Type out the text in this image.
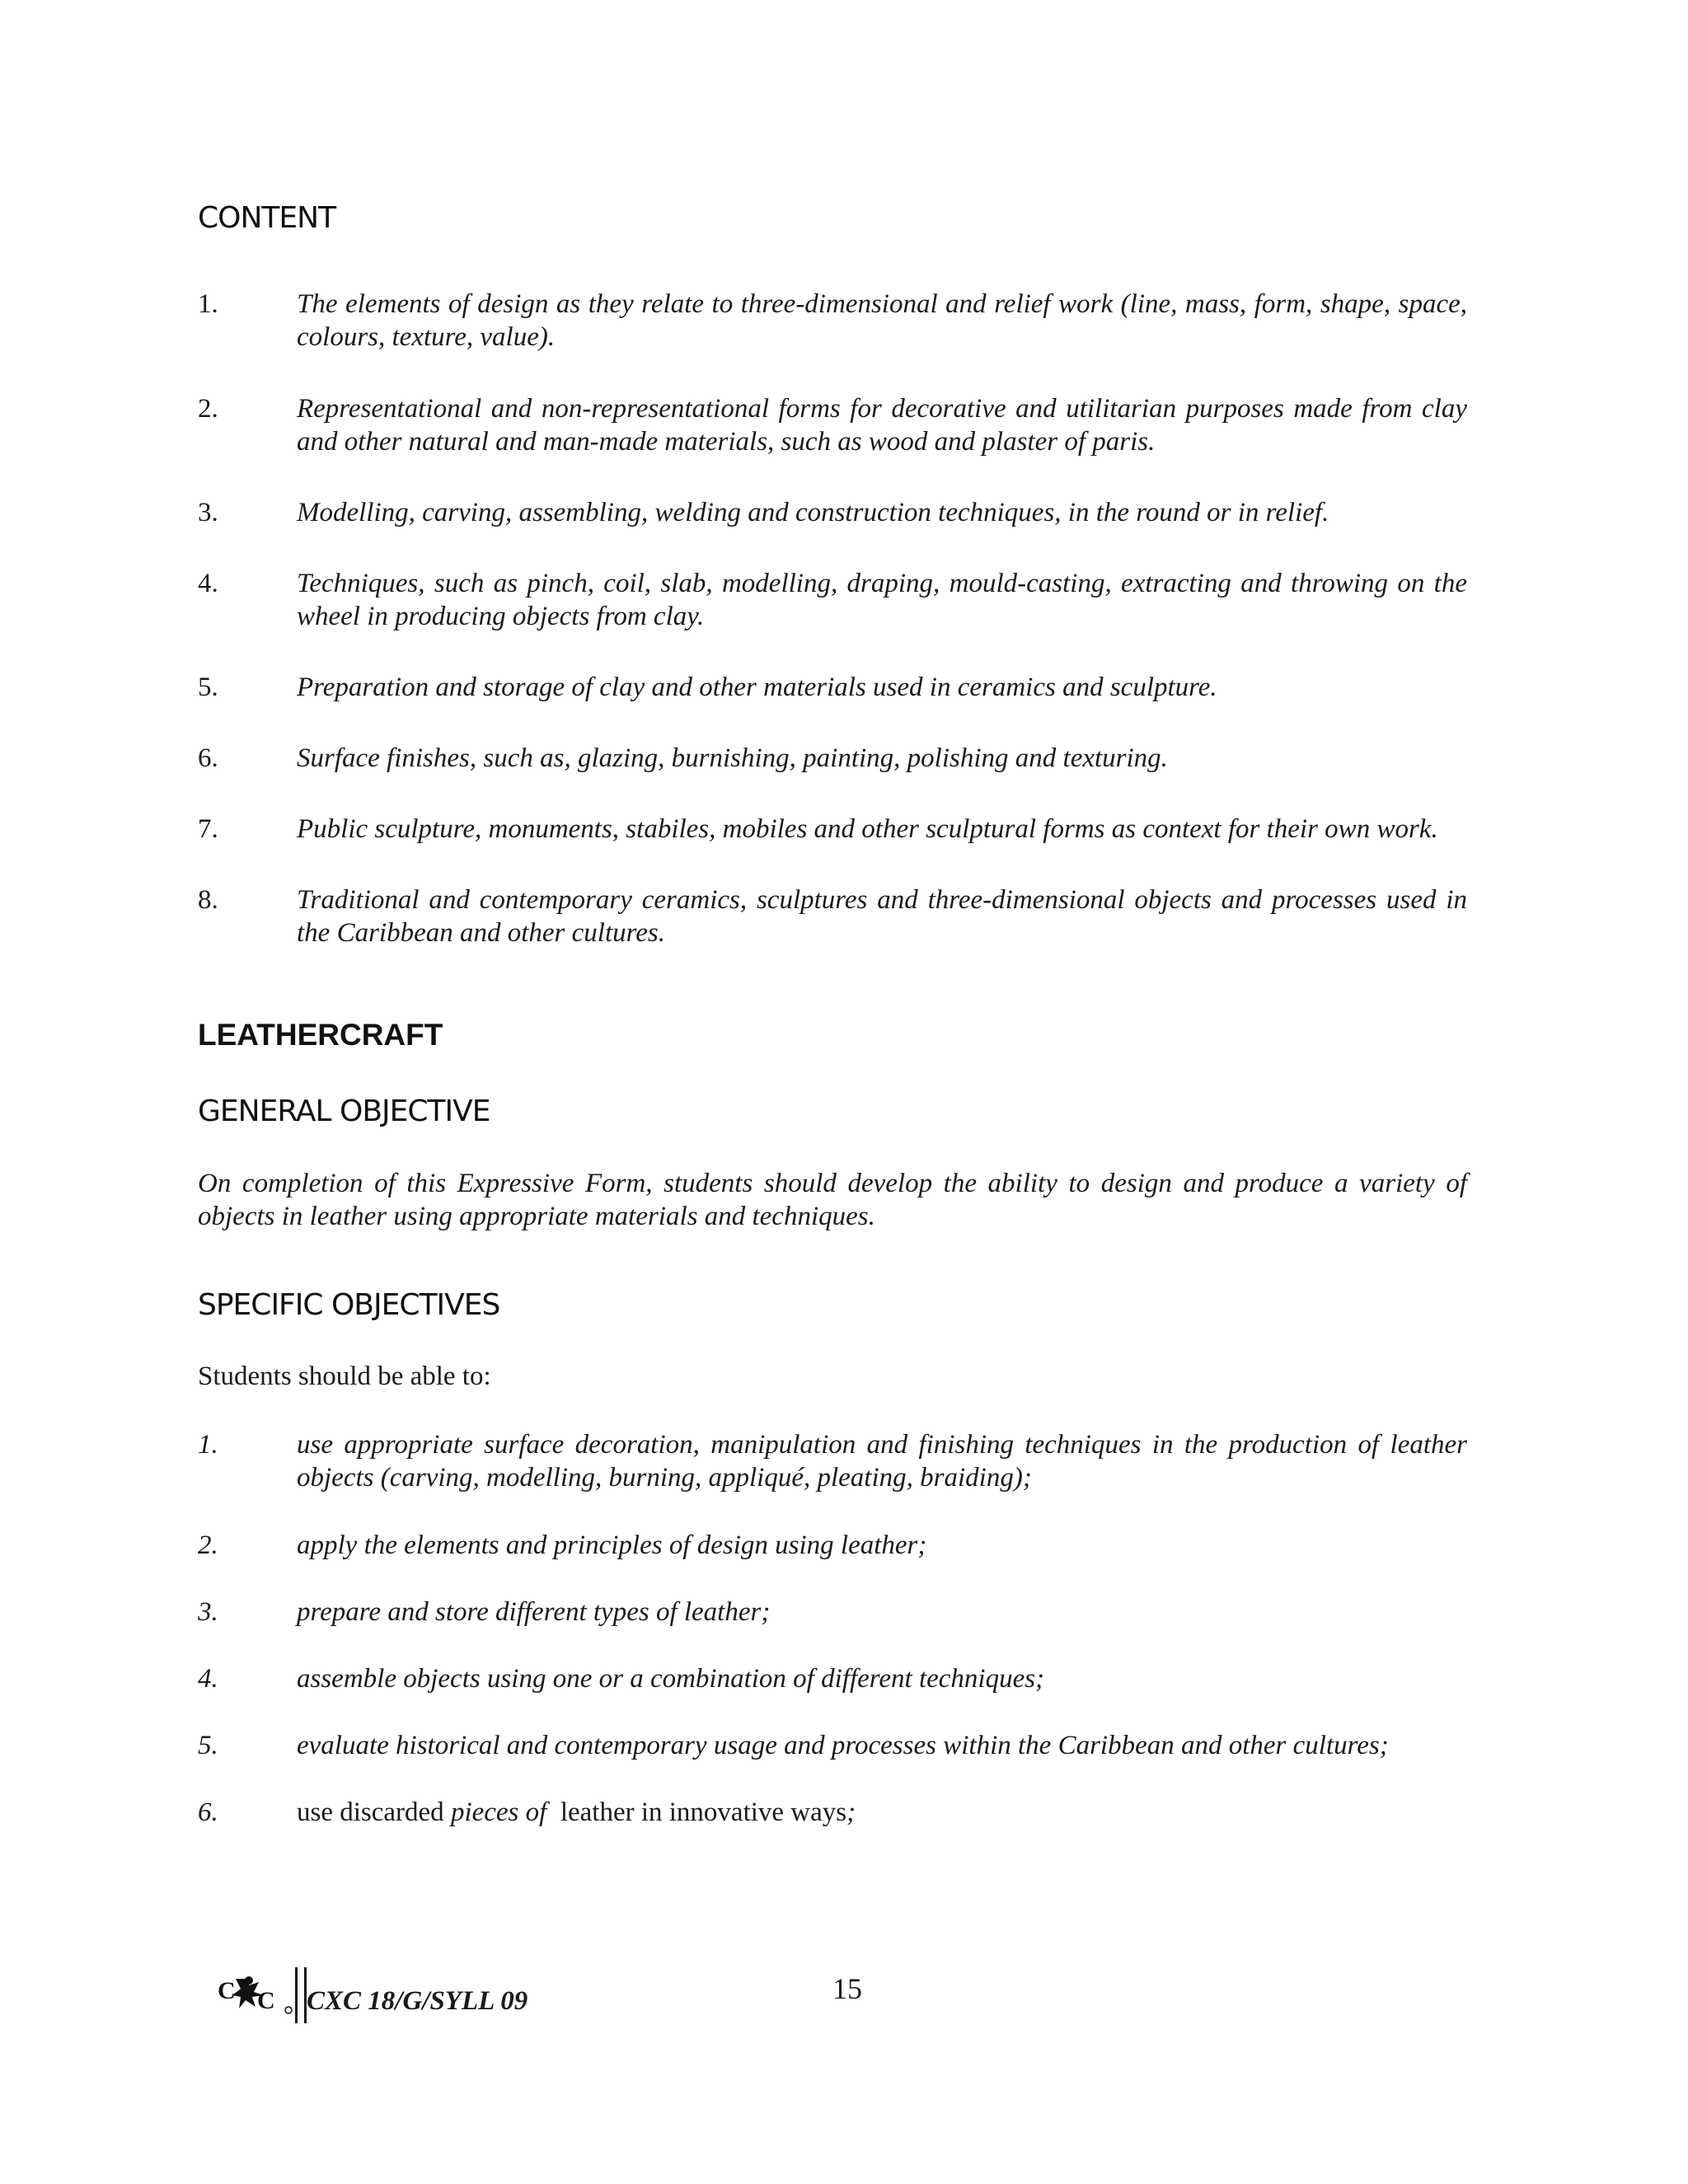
CONTENT
1.	The elements of design as they relate to three-dimensional and relief work (line, mass, form, shape, space, colours, texture, value).
2.	Representational and non-representational forms for decorative and utilitarian purposes made from clay and other natural and man-made materials, such as wood and plaster of paris.
3.	Modelling, carving, assembling, welding and construction techniques, in the round or in relief.
4.	Techniques, such as pinch, coil, slab, modelling, draping, mould-casting, extracting and throwing on the wheel in producing objects from clay.
5.	Preparation and storage of clay and other materials used in ceramics and sculpture.
6.	Surface finishes, such as, glazing, burnishing, painting, polishing and texturing.
7.	Public sculpture, monuments, stabiles, mobiles and other sculptural forms as context for their own work.
8.	Traditional and contemporary ceramics, sculptures and three-dimensional objects and processes used in the Caribbean and other cultures.
LEATHERCRAFT
GENERAL OBJECTIVE

On completion of this Expressive Form, students should develop the ability to design and produce a variety of objects in leather using appropriate materials and techniques.

SPECIFIC OBJECTIVES

Students should be able to:

1.	use appropriate surface decoration, manipulation and finishing techniques in the production of leather objects (carving, modelling, burning, appliqué, pleating, braiding);
2.	apply the elements and principles of design using leather;
3.	prepare and store different types of leather;
4.	assemble objects using one or a combination of different techniques;
5.	evaluate historical and contemporary usage and processes within the Caribbean and other cultures;
6.	use discarded pieces of  leather in innovative ways;
C C CXC 18/G/SYLL 09	15
